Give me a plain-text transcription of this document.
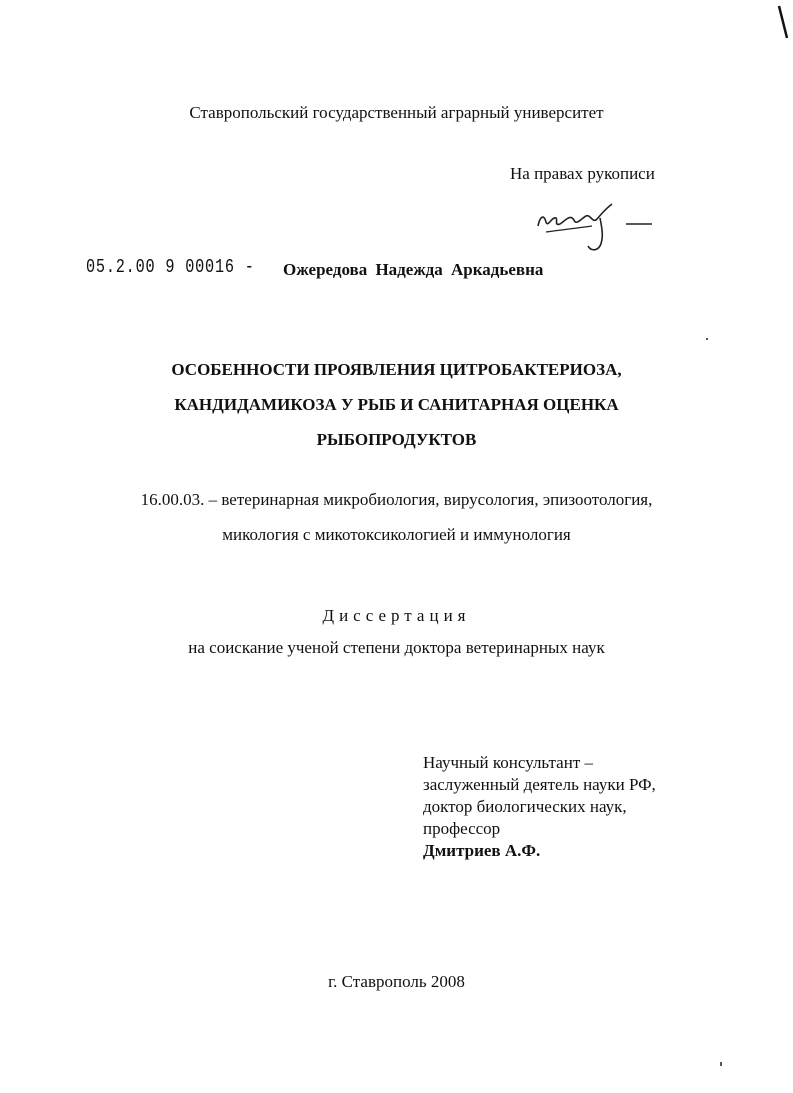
Ставропольский государственный аграрный университет
На правах рукописи
05.2.00 9 00016 - Ожередова Надежда Аркадьевна
ОСОБЕННОСТИ ПРОЯВЛЕНИЯ ЦИТРОБАКТЕРИОЗА,
КАНДИДАМИКОЗА У РЫБ И САНИТАРНАЯ ОЦЕНКА
РЫБОПРОДУКТОВ
16.00.03. – ветеринарная микробиология, вирусология, эпизоотология,
микология с микотоксикологией и иммунология
Диссертация
на соискание ученой степени доктора ветеринарных наук
Научный консультант –
заслуженный деятель науки РФ,
доктор биологических наук,
профессор
Дмитриев А.Ф.
г. Ставрополь 2008
